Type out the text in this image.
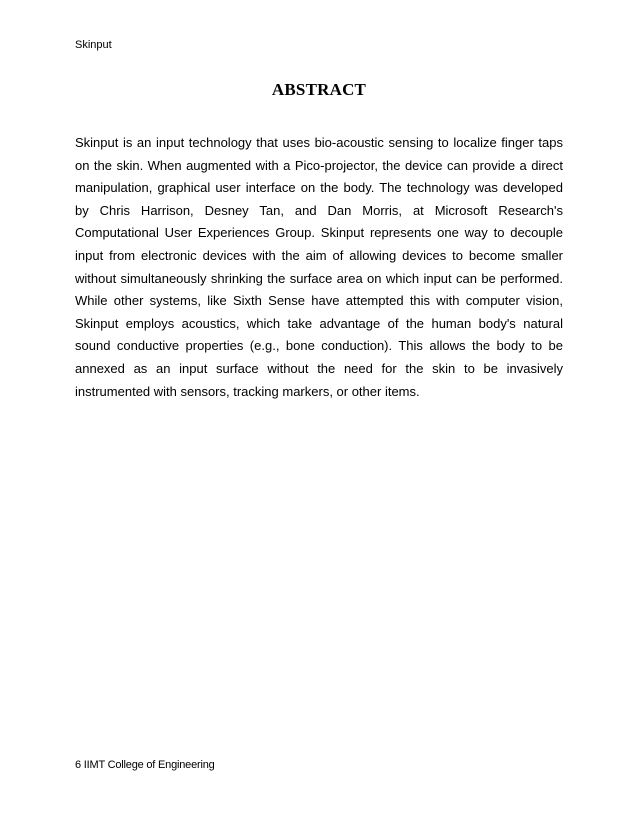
Skinput
ABSTRACT

Skinput is an input technology that uses bio-acoustic sensing to localize finger taps on the skin. When augmented with a Pico-projector, the device can provide a direct manipulation, graphical user interface on the body. The technology was developed by Chris Harrison, Desney Tan, and Dan Morris, at Microsoft Research's Computational User Experiences Group. Skinput represents one way to decouple input from electronic devices with the aim of allowing devices to become smaller without simultaneously shrinking the surface area on which input can be performed. While other systems, like Sixth Sense have attempted this with computer vision, Skinput employs acoustics, which take advantage of the human body's natural sound conductive properties (e.g., bone conduction). This allows the body to be annexed as an input surface without the need for the skin to be invasively instrumented with sensors, tracking markers, or other items.

6 IIMT College of Engineering
